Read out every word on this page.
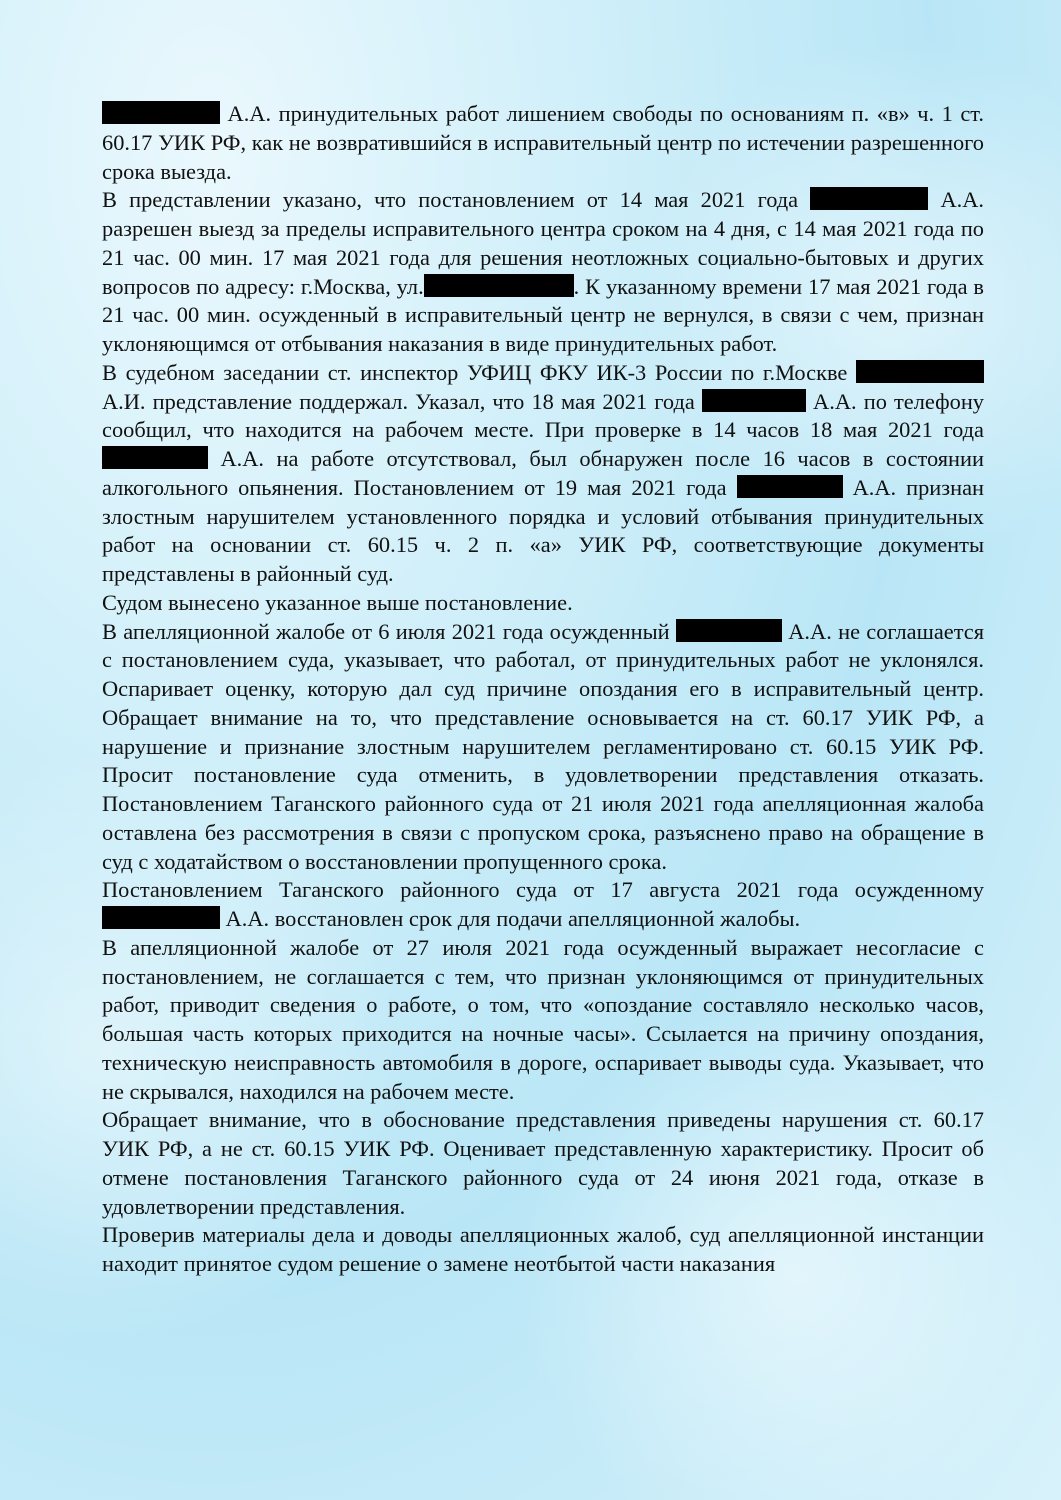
А.А. принудительных работ лишением свободы по основаниям п. «в» ч. 1 ст. 60.17 УИК РФ, как не возвратившийся в исправительный центр по истечении разрешенного срока выезда.

В представлении указано, что постановлением от 14 мая 2021 года	А.А. разрешен выезд за пределы исправительного центра сроком на 4 дня, с 14 мая 2021 года по 21 час. 00 мин. 17 мая 2021 года для решения неотложных социально-бытовых и других вопросов по адресу: г.Москва, ул.	. К указанному времени 17 мая 2021 года в 21 час. 00 мин. осужденный в исправительный центр не вернулся, в связи с чем, признан уклоняющимся от отбывания наказания в виде принудительных работ.

В судебном заседании ст. инспектор УФИЦ ФКУ ИК-3 России по г.Москве  А.И. представление поддержал. Указал, что 18 мая 2021 года	А.А. по телефону сообщил, что находится на рабочем месте. При проверке в 14 часов 18 мая 2021 года  А.А. на работе отсутствовал, был обнаружен после 16 часов в состоянии алкогольного опьянения. Постановлением от 19 мая 2021 года	А.А. признан злостным нарушителем установленного порядка и условий отбывания принудительных работ на основании ст. 60.15 ч. 2 п. «а» УИК РФ, соответствующие документы представлены в районный суд.

Судом вынесено указанное выше постановление.

В апелляционной жалобе от 6 июля 2021 года осужденный	А.А. не соглашается с постановлением суда, указывает, что работал, от принудительных работ не уклонялся. Оспаривает оценку, которую дал суд причине опоздания его в исправительный центр. Обращает внимание на то, что представление основывается на ст. 60.17 УИК РФ, а нарушение и признание злостным нарушителем регламентировано ст. 60.15 УИК РФ. Просит постановление суда отменить, в удовлетворении представления отказать. Постановлением Таганского районного суда от 21 июля 2021 года апелляционная жалоба оставлена без рассмотрения в связи с пропуском срока, разъяснено право на обращение в суд с ходатайством о восстановлении пропущенного срока.

Постановлением Таганского районного суда от 17 августа 2021 года осужденному  А.А. восстановлен срок для подачи апелляционной жалобы.

В апелляционной жалобе от 27 июля 2021 года осужденный выражает несогласие с постановлением, не соглашается с тем, что признан уклоняющимся от принудительных работ, приводит сведения о работе, о том, что «опоздание составляло несколько часов, большая часть которых приходится на ночные часы». Ссылается на причину опоздания, техническую неисправность автомобиля в дороге, оспаривает выводы суда. Указывает, что не скрывался, находился на рабочем месте.

Обращает внимание, что в обоснование представления приведены нарушения ст. 60.17 УИК РФ, а не ст. 60.15 УИК РФ. Оценивает представленную характеристику. Просит об отмене постановления Таганского районного суда от 24 июня 2021 года, отказе в удовлетворении представления.

Проверив материалы дела и доводы апелляционных жалоб, суд апелляционной инстанции находит принятое судом решение о замене неотбытой части наказания
